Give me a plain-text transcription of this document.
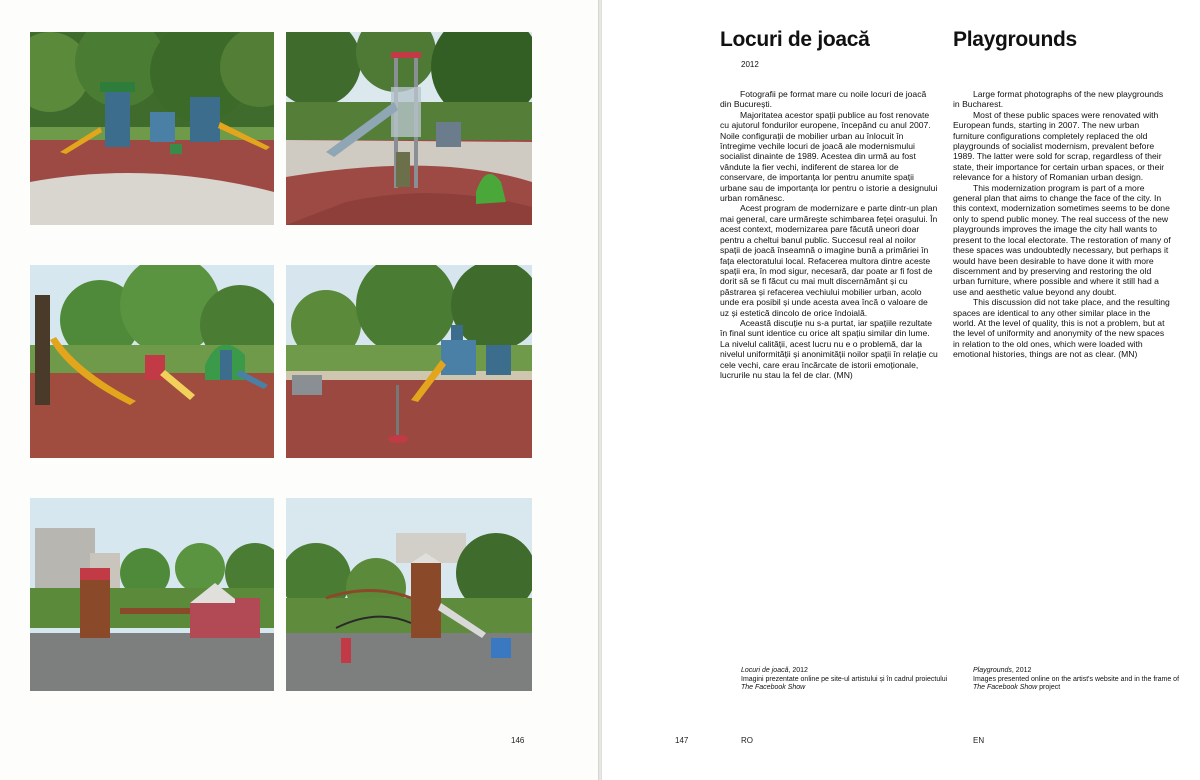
146
Locuri de joacă	Playgrounds
2012

Fotografii pe format mare cu noile locuri de joacă din București.

Majoritatea acestor spații publice au fost renovate cu ajutorul fondurilor europene, începând cu anul 2007. Noile configurații de mobilier urban au înlocuit în întregime vechile locuri de joacă ale modernismului socialist dinainte de 1989. Acestea din urmă au fost vândute la fier vechi, indiferent de starea lor de conservare, de importanța lor pentru anumite spații urbane sau de importanța lor pentru o istorie a designului urban românesc.

Acest program de modernizare e parte dintr-un plan mai general, care urmărește schimbarea feței orașului. În acest context, modernizarea pare făcută uneori doar pentru a cheltui banul public. Succesul real al noilor spații de joacă înseamnă o imagine bună a primăriei în fața electoratului local. Refacerea multora dintre aceste spații era, în mod sigur, necesară, dar poate ar fi fost de dorit să se fi făcut cu mai mult discernământ și cu păstrarea și refacerea vechiului mobilier urban, acolo unde era posibil și unde acesta avea încă o valoare de uz și estetică dincolo de orice îndoială.

Această discuție nu s-a purtat, iar spațiile rezultate în final sunt identice cu orice alt spațiu similar din lume. La nivelul calității, acest lucru nu e o problemă, dar la nivelul uniformității și anonimității noilor spații în relație cu cele vechi, care erau încărcate de istorii emoționale, lucrurile nu stau la fel de clar. (MN)

Large format photographs of the new playgrounds in Bucharest.

Most of these public spaces were renovated with European funds, starting in 2007. The new urban furniture configurations completely replaced the old playgrounds of socialist modernism, prevalent before 1989. The latter were sold for scrap, regardless of their state, their importance for certain urban spaces, or their relevance for a history of Romanian urban design.

This modernization program is part of a more general plan that aims to change the face of the city. In this context, modernization sometimes seems to be done only to spend public money. The real success of the new playgrounds improves the image the city hall wants to present to the local electorate. The restoration of many of these spaces was undoubtedly necessary, but perhaps it would have been desirable to have done it with more discernment and by preserving and restoring the old urban furniture, where possible and where it still had a use and aesthetic value beyond any doubt.

This discussion did not take place, and the resulting spaces are identical to any other similar place in the world. At the level of quality, this is not a problem, but at the level of uniformity and anonymity of the new spaces in relation to the old ones, which were loaded with emotional histories, things are not as clear. (MN)

Locuri de joacă, 2012
Imagini prezentate online pe site-ul artistului și în cadrul proiectului The Facebook Show
Playgrounds, 2012
Images presented online on the artist's website and in the frame of The Facebook Show project
147	RO	EN
